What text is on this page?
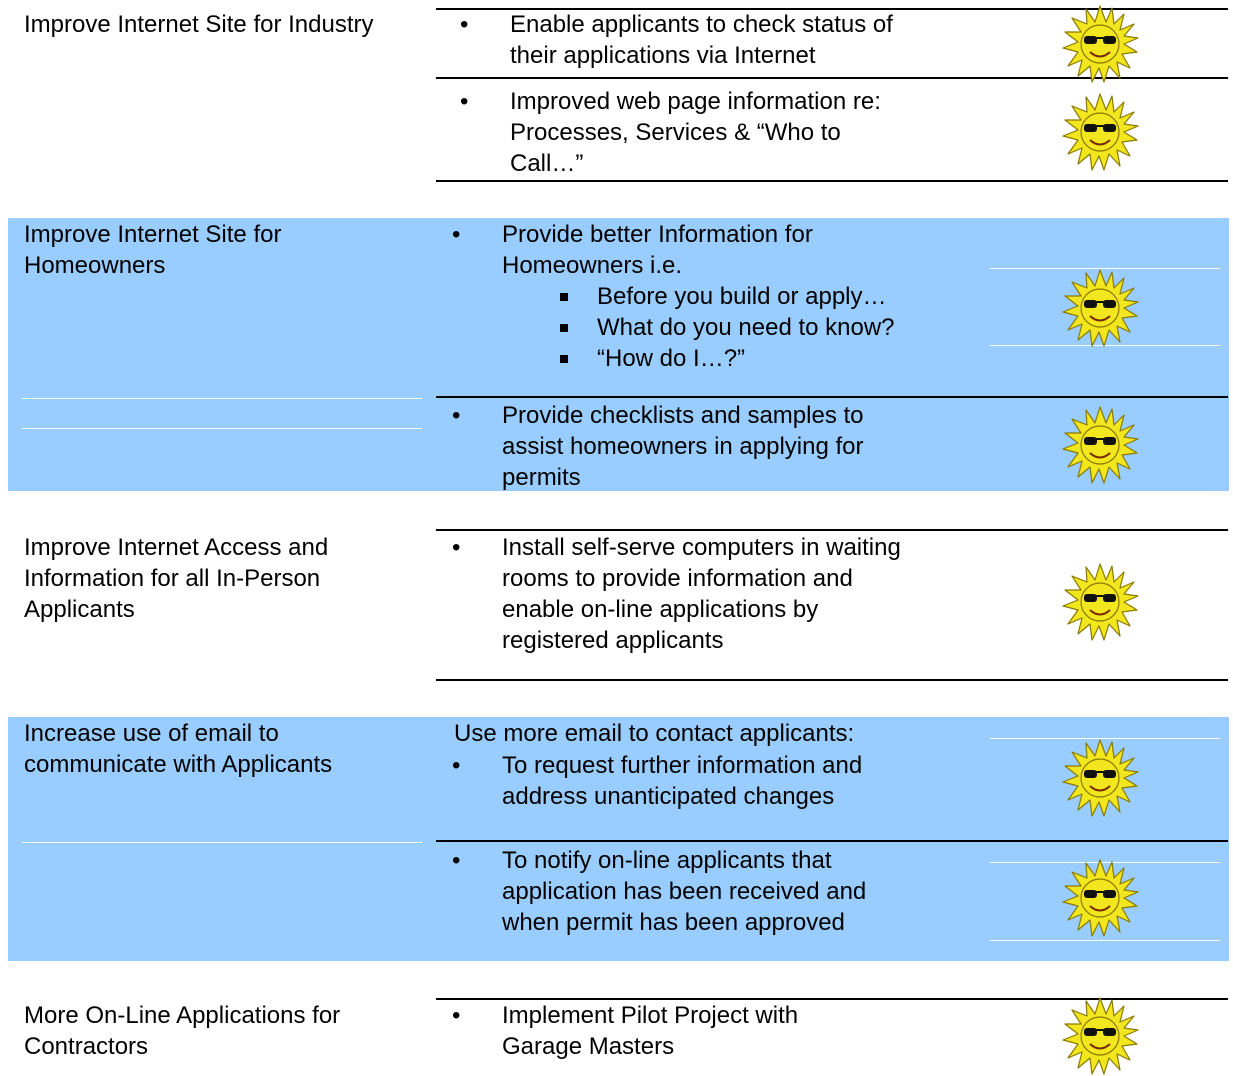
Improve Internet Site for Industry
Improve Internet Site for Homeowners
Improve Internet Access and Information for all In-Person Applicants
Increase use of email to communicate with Applicants
More On-Line Applications for Contractors
• Enable applicants to check status of
their applications via Internet
• Improved web page information re:
Processes, Services & “Who to
Call…”
• Provide better Information for
Homeowners i.e.
Before you build or apply…
What do you need to know?
“How do I…?”
• Provide checklists and samples to
assist homeowners in applying for
permits
• Install self-serve computers in waiting
rooms to provide information and
enable on-line applications by
registered applicants
Use more email to contact applicants:
• To request further information and
address unanticipated changes
• To notify on-line applicants that
application has been received and
when permit has been approved
• Implement Pilot Project with
Garage Masters
